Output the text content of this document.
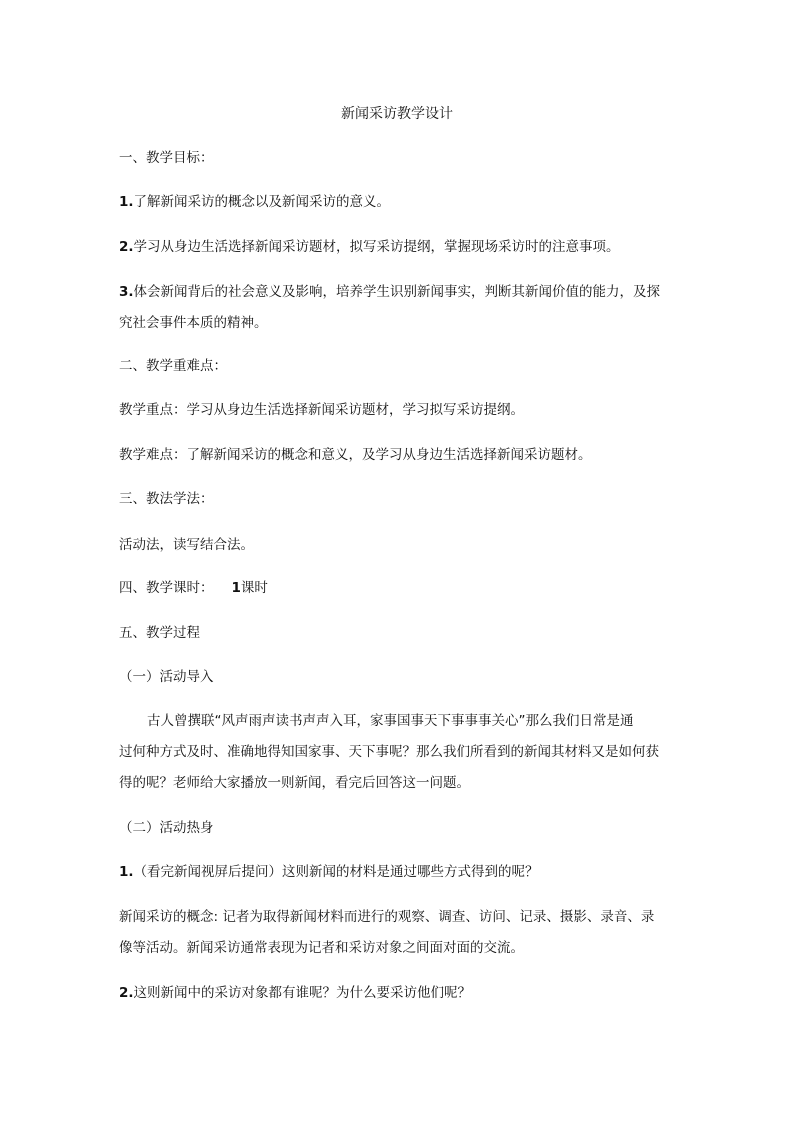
新闻采访教学设计
一、教学目标：
1.了解新闻采访的概念以及新闻采访的意义。
2.学习从身边生活选择新闻采访题材，拟写采访提纲，掌握现场采访时的注意事项。
3.体会新闻背后的社会意义及影响，培养学生识别新闻事实，判断其新闻价值的能力，及探
究社会事件本质的精神。
二、教学重难点：
教学重点：学习从身边生活选择新闻采访题材，学习拟写采访提纲。
教学难点：了解新闻采访的概念和意义，及学习从身边生活选择新闻采访题材。
三、教法学法：
活动法，读写结合法。
四、教学课时： 1课时
五、教学过程
（一）活动导入
古人曾撰联“风声雨声读书声声入耳，家事国事天下事事事关心”那么我们日常是通
过何种方式及时、准确地得知国家事、天下事呢？那么我们所看到的新闻其材料又是如何获
得的呢？老师给大家播放一则新闻，看完后回答这一问题。
（二）活动热身
1.（看完新闻视屏后提问）这则新闻的材料是通过哪些方式得到的呢？
新闻采访的概念: 记者为取得新闻材料而进行的观察、调查、访问、记录、摄影、录音、录
像等活动。新闻采访通常表现为记者和采访对象之间面对面的交流。
2.这则新闻中的采访对象都有谁呢？为什么要采访他们呢？
